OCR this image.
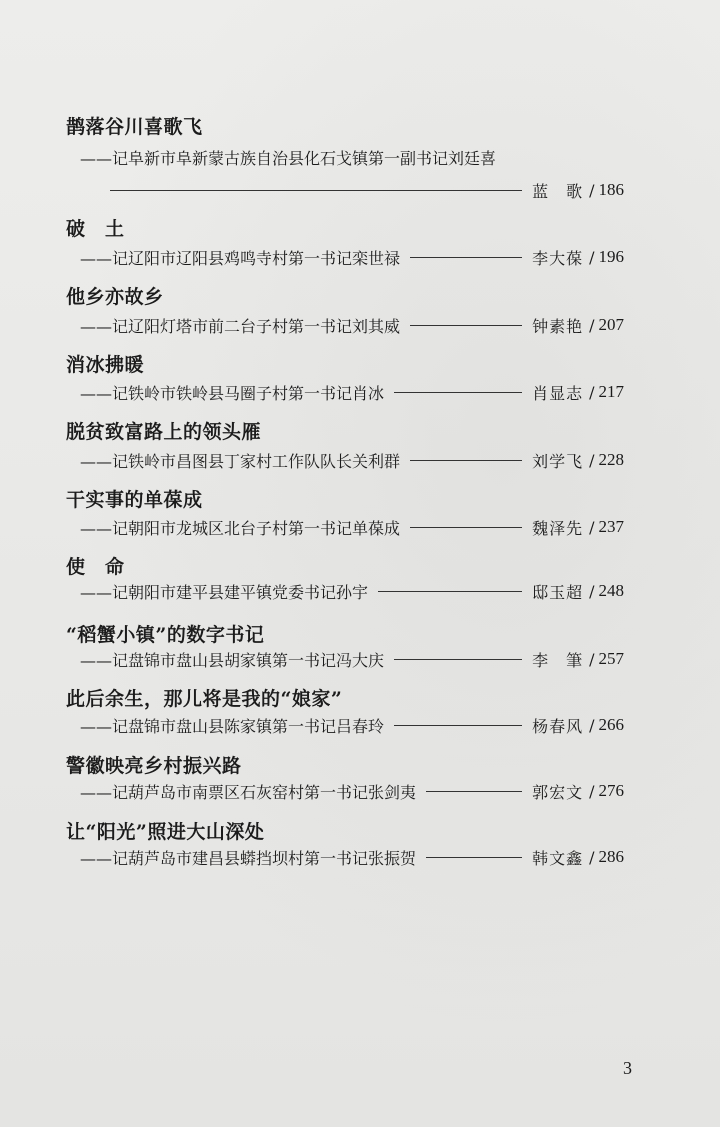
鹊落谷川喜歌飞
——记阜新市阜新蒙古族自治县化石戈镇第一副书记刘廷喜
蓝　歌 / 186
破　土
——记辽阳市辽阳县鸡鸣寺村第一书记栾世禄	李大葆 / 196
他乡亦故乡
——记辽阳灯塔市前二台子村第一书记刘其威	钟素艳 / 207
消冰拂暖
——记铁岭市铁岭县马圈子村第一书记肖冰	肖显志 / 217
脱贫致富路上的领头雁
——记铁岭市昌图县丁家村工作队队长关利群	刘学飞 / 228
干实事的单葆成
——记朝阳市龙城区北台子村第一书记单葆成	魏泽先 / 237
使　命
——记朝阳市建平县建平镇党委书记孙宇	邸玉超 / 248
“稻蟹小镇”的数字书记
——记盘锦市盘山县胡家镇第一书记冯大庆	李　筆 / 257
此后余生，那儿将是我的“娘家”
——记盘锦市盘山县陈家镇第一书记吕春玲	杨春风 / 266
警徽映亮乡村振兴路
——记葫芦岛市南票区石灰窑村第一书记张剑夷	郭宏文 / 276
让“阳光”照进大山深处
——记葫芦岛市建昌县蟒挡坝村第一书记张振贺	韩文鑫 / 286
3
